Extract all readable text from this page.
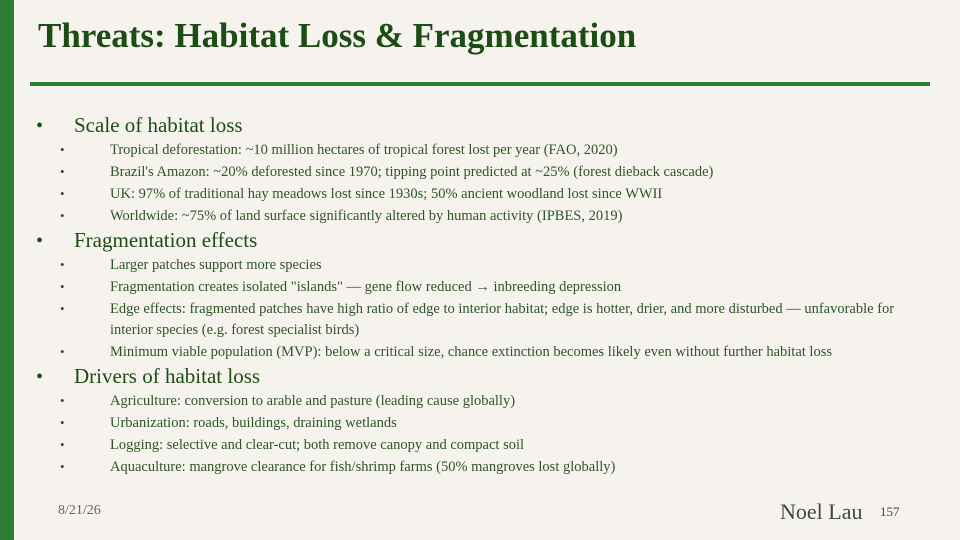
Threats: Habitat Loss & Fragmentation
•	Scale of habitat loss
•	Tropical deforestation: ~10 million hectares of tropical forest lost per year (FAO, 2020)
•	Brazil's Amazon: ~20% deforested since 1970; tipping point predicted at ~25% (forest dieback cascade)
•	UK: 97% of traditional hay meadows lost since 1930s; 50% ancient woodland lost since WWII
•	Worldwide: ~75% of land surface significantly altered by human activity (IPBES, 2019)
•	Fragmentation effects
•	Larger patches support more species
•	Fragmentation creates isolated "islands" — gene flow reduced → inbreeding depression
•	Edge effects: fragmented patches have high ratio of edge to interior habitat; edge is hotter, drier, and more disturbed — unfavorable for interior species (e.g. forest specialist birds)
•	Minimum viable population (MVP): below a critical size, chance extinction becomes likely even without further habitat loss
•	Drivers of habitat loss
•	Agriculture: conversion to arable and pasture (leading cause globally)
•	Urbanization: roads, buildings, draining wetlands
•	Logging: selective and clear-cut; both remove canopy and compact soil
•	Aquaculture: mangrove clearance for fish/shrimp farms (50% mangroves lost globally)
8/21/26	Noel Lau 157
